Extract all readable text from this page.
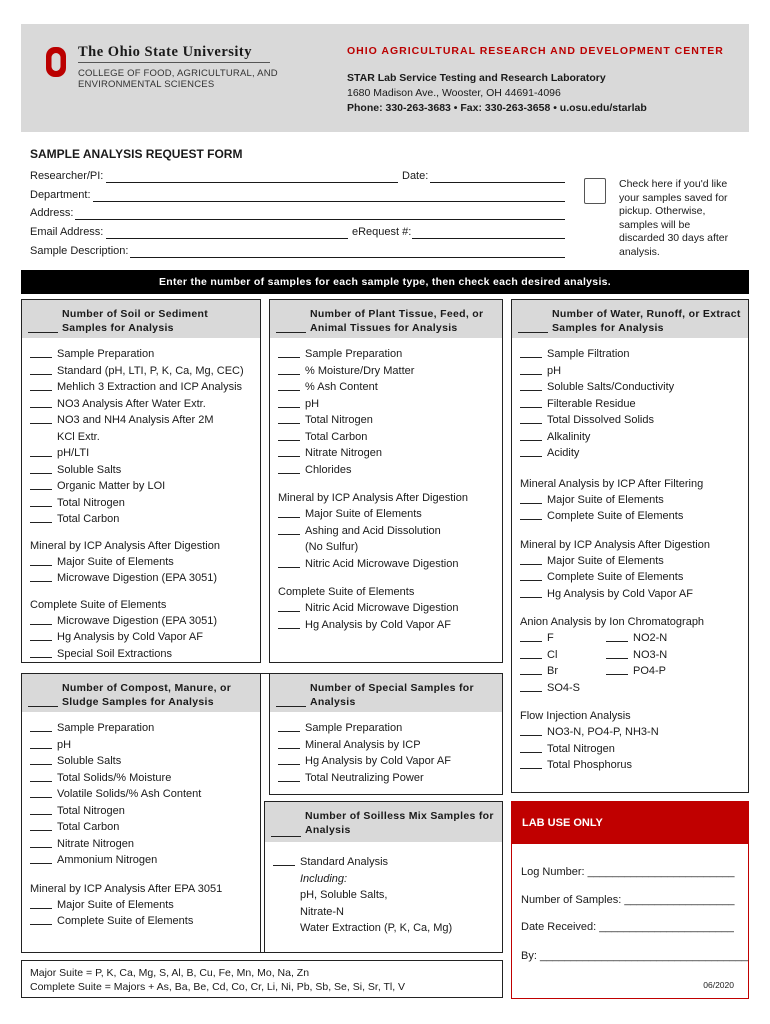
The Ohio State University
COLLEGE OF FOOD, AGRICULTURAL, AND ENVIRONMENTAL SCIENCES
OHIO AGRICULTURAL RESEARCH AND DEVELOPMENT CENTER
STAR Lab Service Testing and Research Laboratory
1680 Madison Ave., Wooster, OH 44691-4096
Phone: 330-263-3683 • Fax: 330-263-3658 • u.osu.edu/starlab
SAMPLE ANALYSIS REQUEST FORM
Researcher/PI:	Date:
Department:
Address:
Email Address:	eRequest #:
Sample Description:
Check here if you'd like your samples saved for pickup. Otherwise, samples will be discarded 30 days after analysis.
Enter the number of samples for each sample type, then check each desired analysis.
Number of Soil or Sediment Samples for Analysis
Sample Preparation
Standard (pH, LTI, P, K, Ca, Mg, CEC)
Mehlich 3 Extraction and ICP Analysis
NO3 Analysis After Water Extr.
NO3 and NH4 Analysis After 2M
KCl Extr.
pH/LTI
Soluble Salts
Organic Matter by LOI
Total Nitrogen
Total Carbon
Mineral by ICP Analysis After Digestion
Major Suite of Elements
Microwave Digestion (EPA 3051)
Complete Suite of Elements
Microwave Digestion (EPA 3051)
Hg Analysis by Cold Vapor AF
Special Soil Extractions
Number of Plant Tissue, Feed, or Animal Tissues for Analysis
Sample Preparation
% Moisture/Dry Matter
% Ash Content
pH
Total Nitrogen
Total Carbon
Nitrate Nitrogen
Chlorides
Mineral by ICP Analysis After Digestion
Major Suite of Elements
Ashing and Acid Dissolution
(No Sulfur)
Nitric Acid Microwave Digestion
Complete Suite of Elements
Nitric Acid Microwave Digestion
Hg Analysis by Cold Vapor AF
Number of Water, Runoff, or Extract Samples for Analysis
Sample Filtration
pH
Soluble Salts/Conductivity
Filterable Residue
Total Dissolved Solids
Alkalinity
Acidity
Mineral Analysis by ICP After Filtering
Major Suite of Elements
Complete Suite of Elements
Mineral by ICP Analysis After Digestion
Major Suite of Elements
Complete Suite of Elements
Hg Analysis by Cold Vapor AF
Anion Analysis by Ion Chromatograph
F
Cl
Br
SO4-S
NO2-N
NO3-N
PO4-P
Flow Injection Analysis
NO3-N, PO4-P, NH3-N
Total Nitrogen
Total Phosphorus
Number of Compost, Manure, or Sludge Samples for Analysis
Sample Preparation
pH
Soluble Salts
Total Solids/% Moisture
Volatile Solids/% Ash Content
Total Nitrogen
Total Carbon
Nitrate Nitrogen
Ammonium Nitrogen
Mineral by ICP Analysis After EPA 3051
Major Suite of Elements
Complete Suite of Elements
Number of Special Samples for Analysis
Sample Preparation
Mineral Analysis by ICP
Hg Analysis by Cold Vapor AF
Total Neutralizing Power
Number of Soilless Mix Samples for Analysis
Standard Analysis
Including:
pH, Soluble Salts,
Nitrate-N
Water Extraction (P, K, Ca, Mg)
LAB USE ONLY
Log Number: ________________________
Number of Samples: __________________
Date Received: ______________________
By: __________________________________
06/2020
Major Suite = P, K, Ca, Mg, S, Al, B, Cu, Fe, Mn, Mo, Na, Zn
Complete Suite = Majors + As, Ba, Be, Cd, Co, Cr, Li, Ni, Pb, Sb, Se, Si, Sr, Tl, V
